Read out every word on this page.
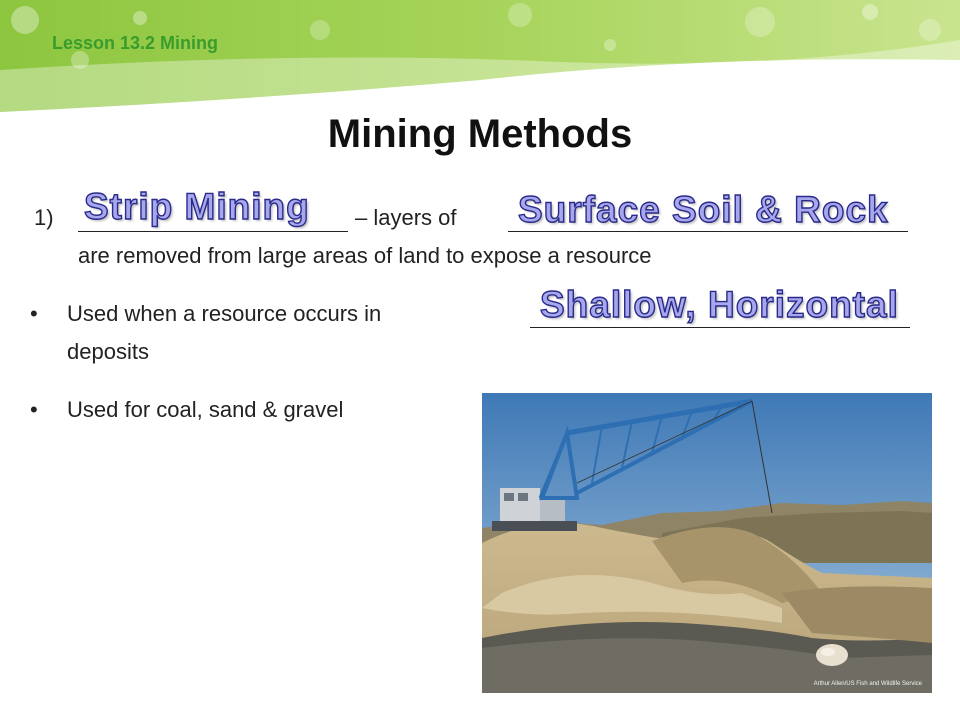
Lesson 13.2 Mining
Mining Methods
1) Strip Mining – layers of Surface Soil & Rock
are removed from large areas of land to expose a resource
• Used when a resource occurs in	Shallow, Horizontal
deposits
• Used for coal, sand & gravel
Arthur Allen/US Fish and Wildlife Service
